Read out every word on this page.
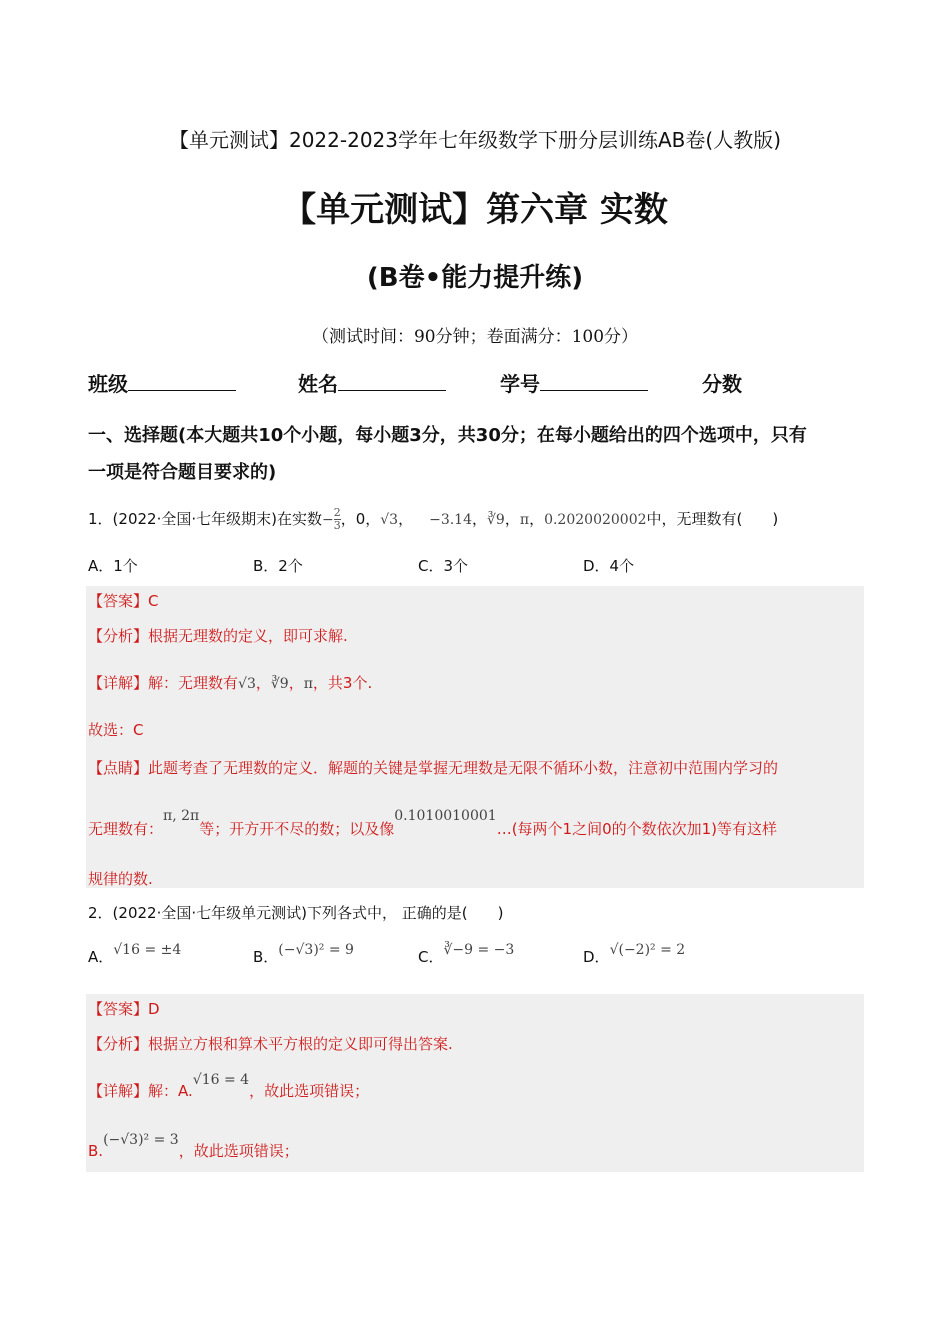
【单元测试】2022-2023学年七年级数学下册分层训练AB卷(人教版)
【单元测试】第六章 实数
(B卷•能力提升练)
（测试时间：90分钟；卷面满分：100分）
班级	姓名	学号	分数
一、选择题(本大题共10个小题，每小题3分，共30分；在每小题给出的四个选项中，只有
一项是符合题目要求的)
1．(2022·全国·七年级期末)在实数$-\frac{2}{3}$ ，0，√3， −3.14，∛9，π，0.2020020002中，无理数有(　　)
A．1个	B．2个	C．3个	D．4个
【答案】C
【分析】根据无理数的定义，即可求解.
【详解】解：无理数有√3，∛9，π，共3个.
故选：C
【点睛】此题考查了无理数的定义．解题的关键是掌握无理数是无限不循环小数，注意初中范围内学习的
无理数有：π, 2π等；开方开不尽的数；以及像0.1010010001…(每两个1之间0的个数依次加1)等有这样
规律的数.
2．(2022·全国·七年级单元测试)下列各式中， 正确的是(　　)
A．√16 = ±4	B．(−√3)² = 9	C．∛−9 = −3	D．√(−2)² = 2
【答案】D
【分析】根据立方根和算术平方根的定义即可得出答案.
【详解】解：A.√16 = 4，故此选项错误；
B.(−√3)² = 3，故此选项错误；
